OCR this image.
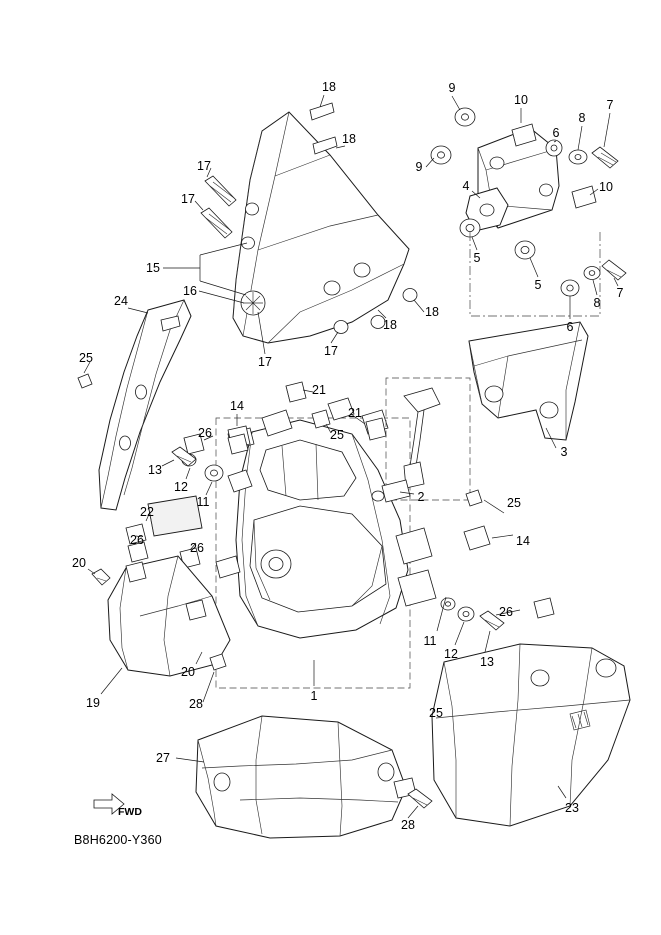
B8H6200-Y360
FWD
18
18
17
17
15
16
17
17
18
18
9
10
6
8
7
9
4	10
5
5
6
8
7
3
24
25
14
26
13
12
11
22
26
26
21
21
25
2	25
14
26
11
12
13
25
20
19
20
28
1
27
28
23
